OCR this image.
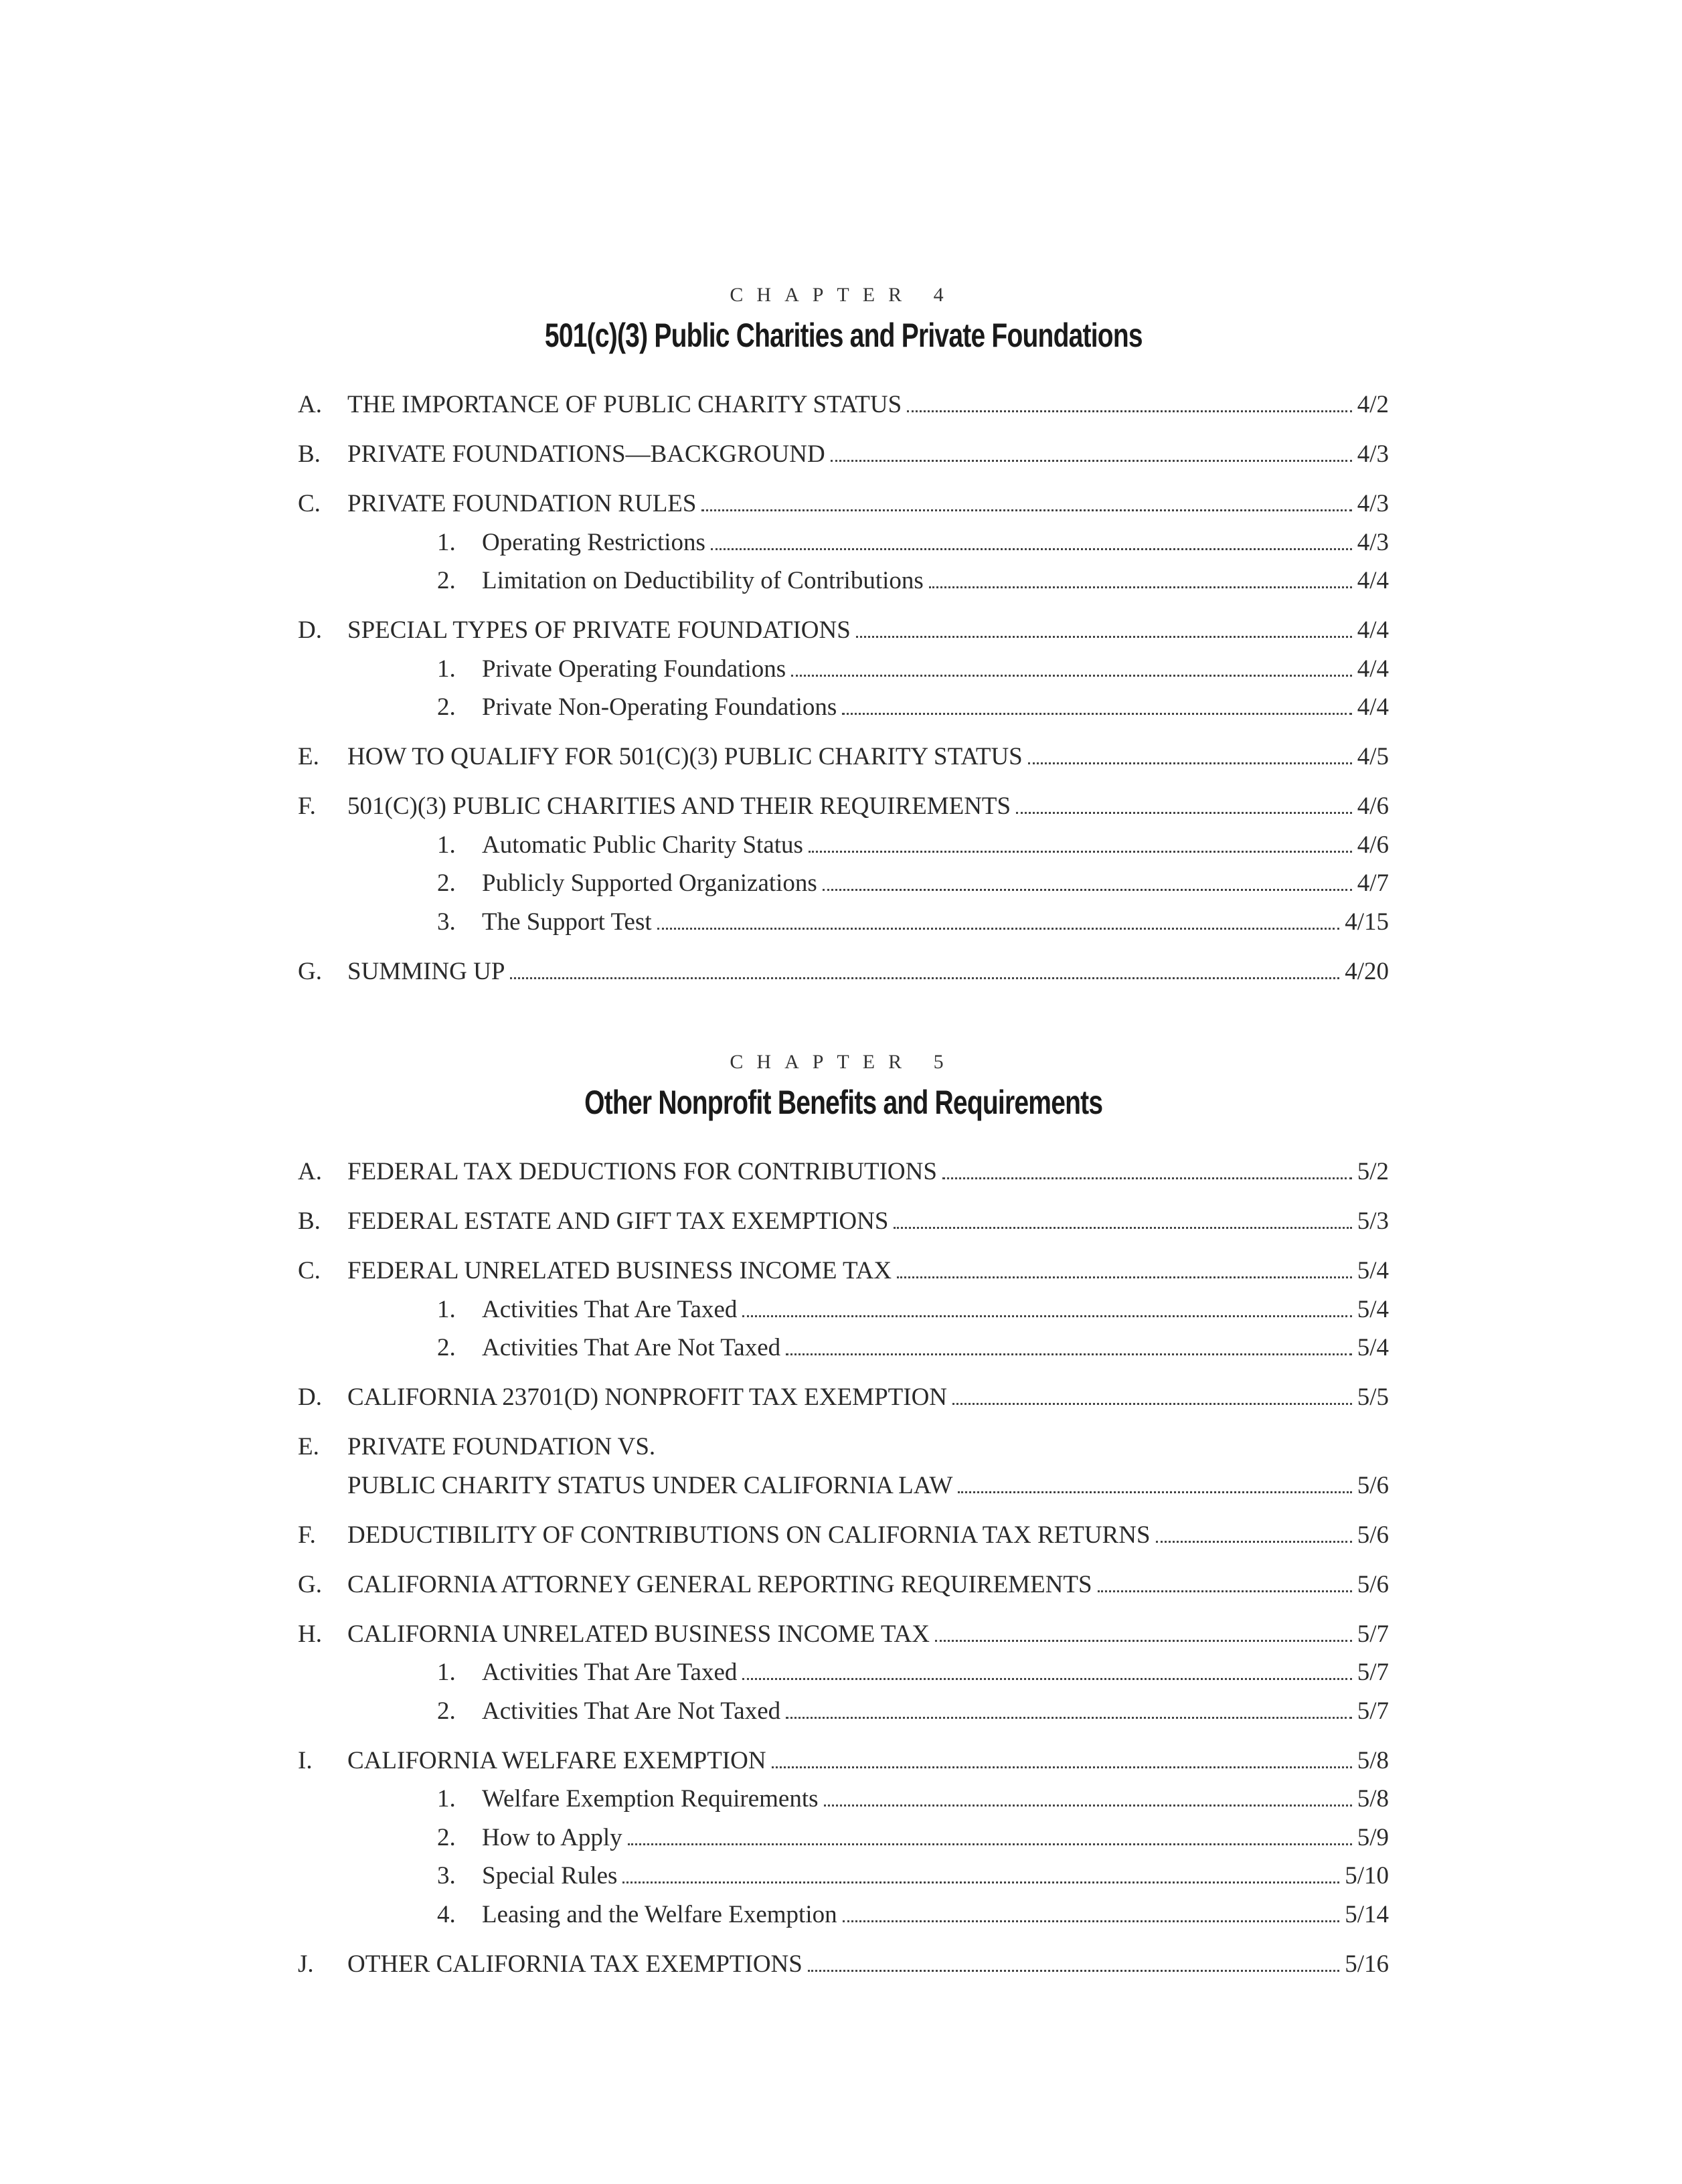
CHAPTER 4
501(c)(3) Public Charities and Private Foundations
A.	THE IMPORTANCE OF PUBLIC CHARITY STATUS	4/2
B.	PRIVATE FOUNDATIONS—BACKGROUND	4/3
C.	PRIVATE FOUNDATION RULES	4/3
1.	Operating Restrictions	4/3
2.	Limitation on Deductibility of Contributions	4/4
D.	SPECIAL TYPES OF PRIVATE FOUNDATIONS	4/4
1.	Private Operating Foundations	4/4
2.	Private Non-Operating Foundations	4/4
E.	HOW TO QUALIFY FOR 501(C)(3) PUBLIC CHARITY STATUS	4/5
F.	501(C)(3) PUBLIC CHARITIES AND THEIR REQUIREMENTS	4/6
1.	Automatic Public Charity Status	4/6
2.	Publicly Supported Organizations	4/7
3.	The Support Test	4/15
G.	SUMMING UP	4/20
CHAPTER 5
Other Nonprofit Benefits and Requirements
A.	FEDERAL TAX DEDUCTIONS FOR CONTRIBUTIONS	5/2
B.	FEDERAL ESTATE AND GIFT TAX EXEMPTIONS	5/3
C.	FEDERAL UNRELATED BUSINESS INCOME TAX	5/4
1.	Activities That Are Taxed	5/4
2.	Activities That Are Not Taxed	5/4
D.	CALIFORNIA 23701(D) NONPROFIT TAX EXEMPTION	5/5
E.	PRIVATE FOUNDATION VS.
PUBLIC CHARITY STATUS UNDER CALIFORNIA LAW	5/6
F.	DEDUCTIBILITY OF CONTRIBUTIONS ON CALIFORNIA TAX RETURNS	5/6
G.	CALIFORNIA ATTORNEY GENERAL REPORTING REQUIREMENTS	5/6
H.	CALIFORNIA UNRELATED BUSINESS INCOME TAX	5/7
1.	Activities That Are Taxed	5/7
2.	Activities That Are Not Taxed	5/7
I.	CALIFORNIA WELFARE EXEMPTION	5/8
1.	Welfare Exemption Requirements	5/8
2.	How to Apply	5/9
3.	Special Rules	5/10
4.	Leasing and the Welfare Exemption	5/14
J.	OTHER CALIFORNIA TAX EXEMPTIONS	5/16
